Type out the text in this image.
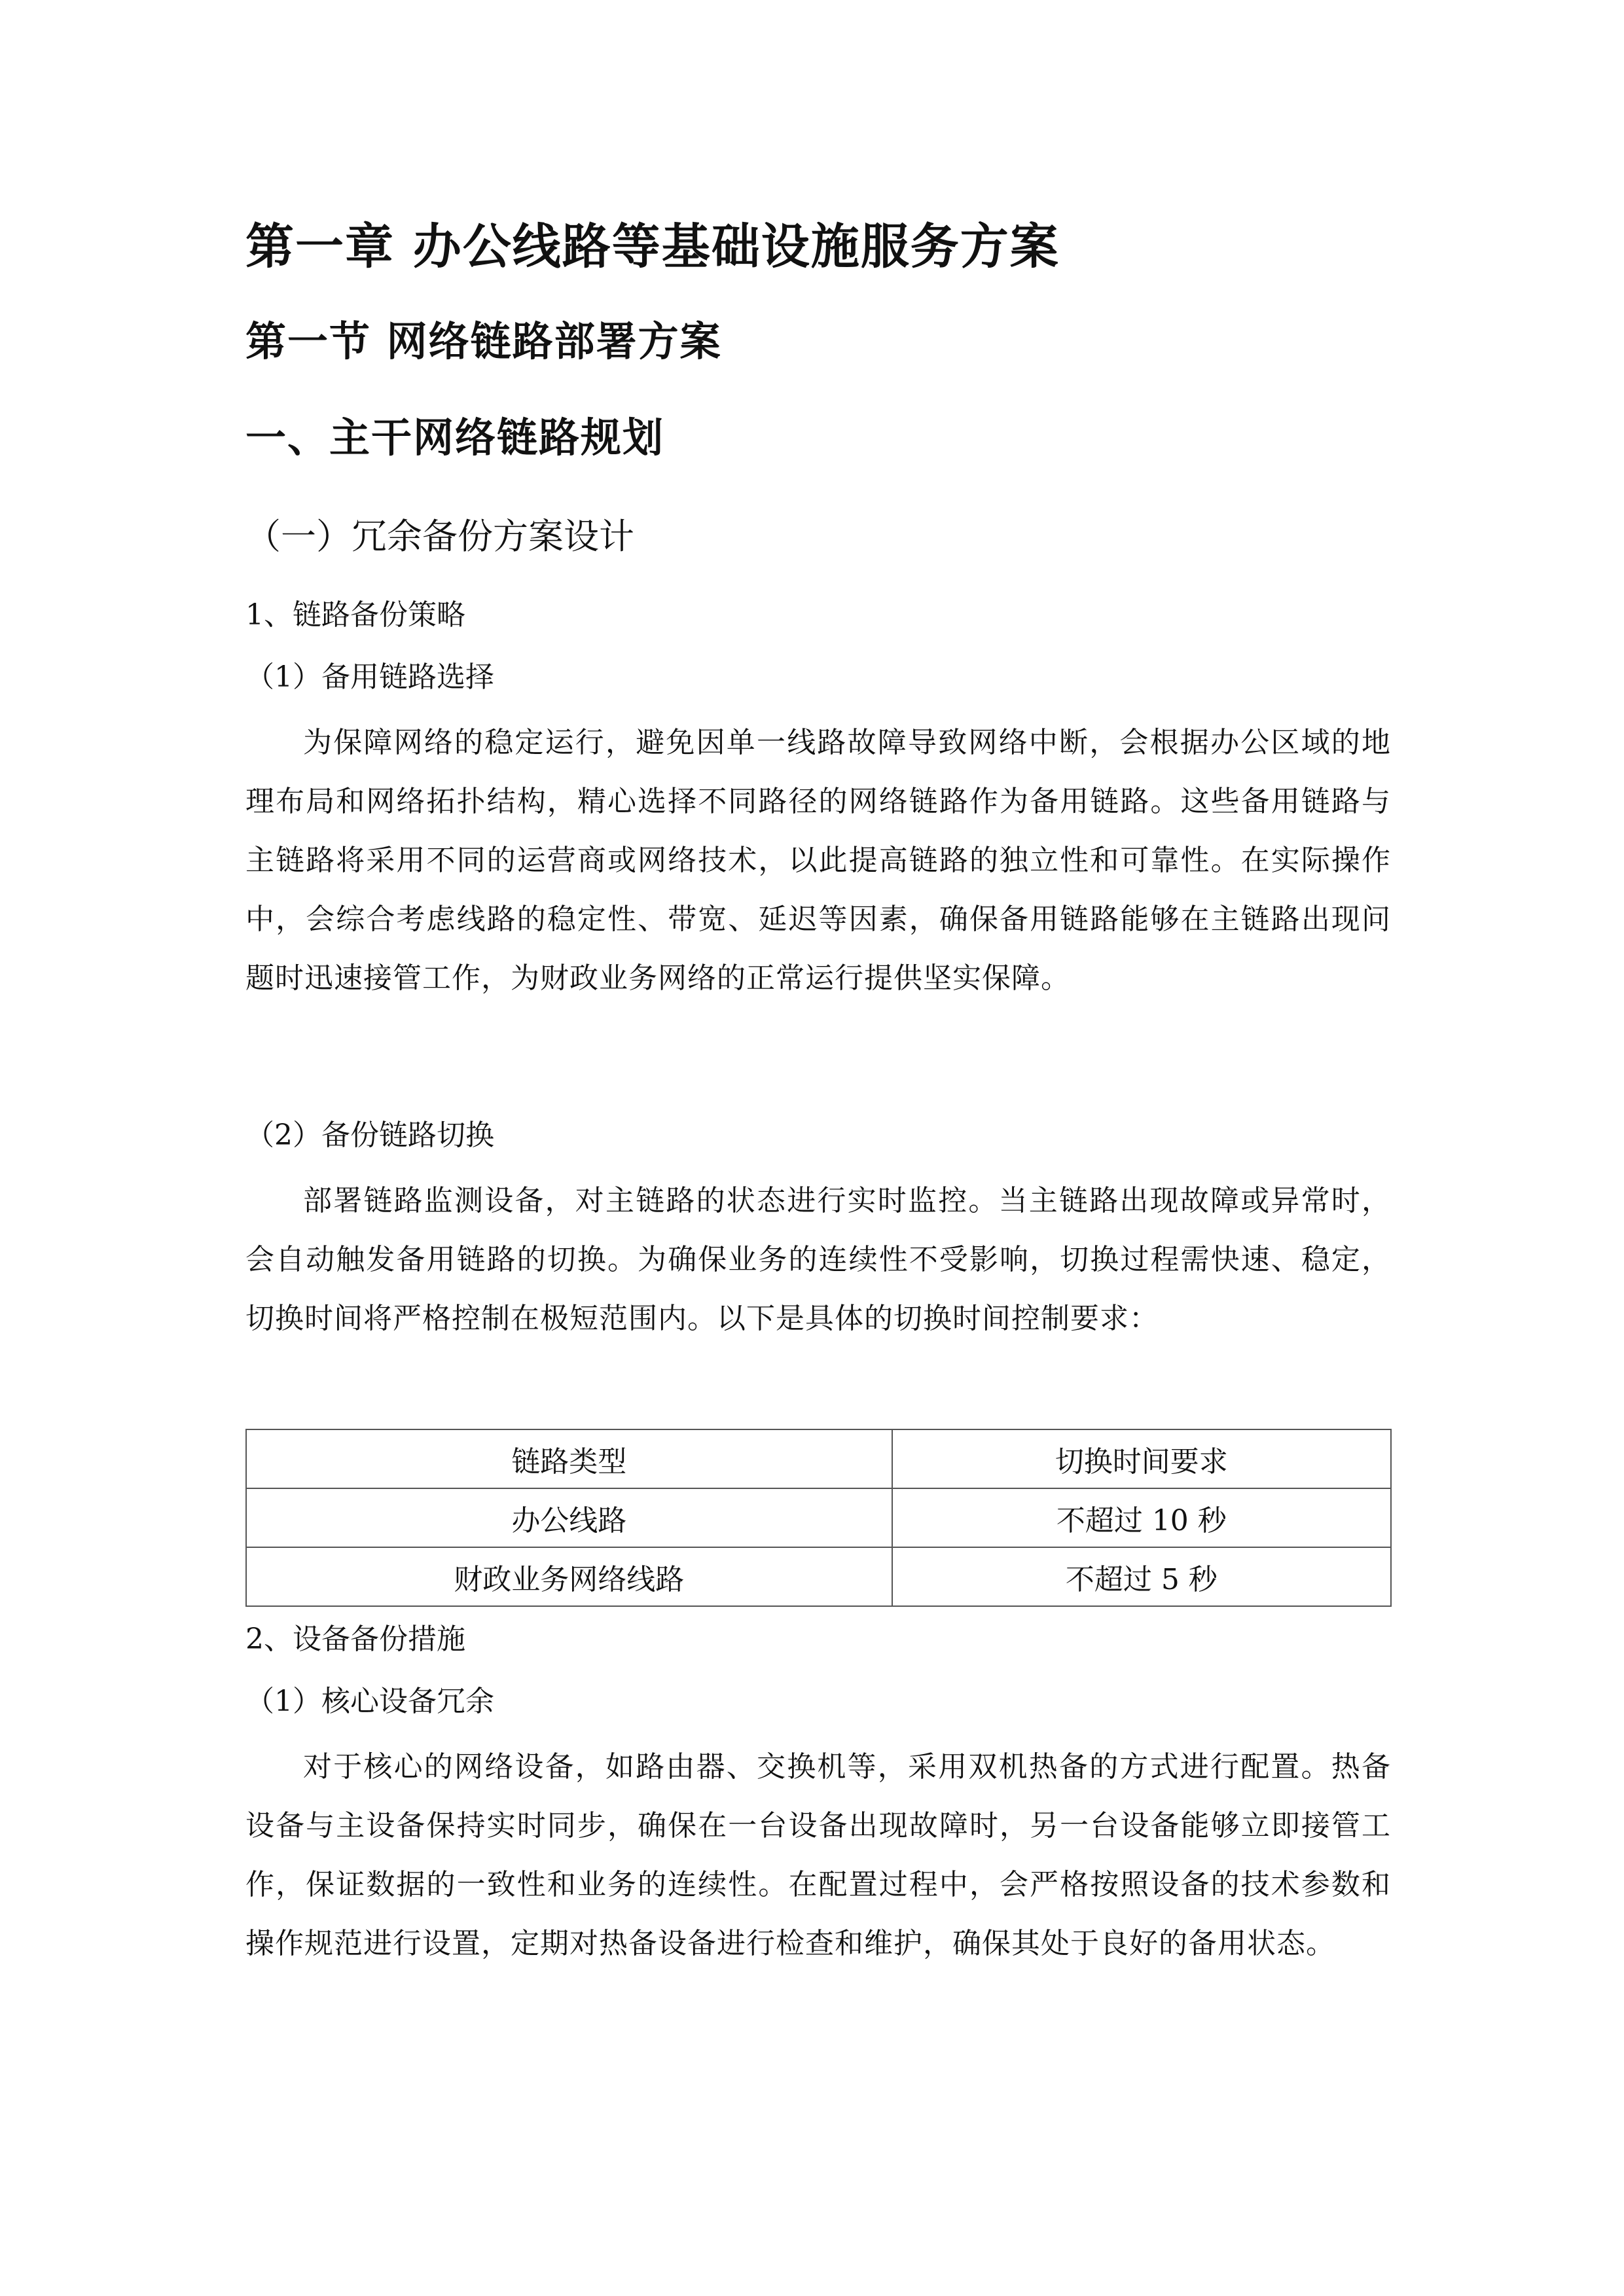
第一章 办公线路等基础设施服务方案
第一节 网络链路部署方案
一、主干网络链路规划
（一）冗余备份方案设计
1、链路备份策略
（1）备用链路选择
为保障网络的稳定运行，避免因单一线路故障导致网络中断，会根据办公区域的地理布局和网络拓扑结构，精心选择不同路径的网络链路作为备用链路。这些备用链路与主链路将采用不同的运营商或网络技术，以此提高链路的独立性和可靠性。在实际操作中，会综合考虑线路的稳定性、带宽、延迟等因素，确保备用链路能够在主链路出现问题时迅速接管工作，为财政业务网络的正常运行提供坚实保障。
（2）备份链路切换
部署链路监测设备，对主链路的状态进行实时监控。当主链路出现故障或异常时，会自动触发备用链路的切换。为确保业务的连续性不受影响，切换过程需快速、稳定，切换时间将严格控制在极短范围内。以下是具体的切换时间控制要求：
链路类型	切换时间要求
办公线路	不超过 10 秒
财政业务网络线路	不超过 5 秒
2、设备备份措施
（1）核心设备冗余
对于核心的网络设备，如路由器、交换机等，采用双机热备的方式进行配置。热备设备与主设备保持实时同步，确保在一台设备出现故障时，另一台设备能够立即接管工作，保证数据的一致性和业务的连续性。在配置过程中，会严格按照设备的技术参数和操作规范进行设置，定期对热备设备进行检查和维护，确保其处于良好的备用状态。
